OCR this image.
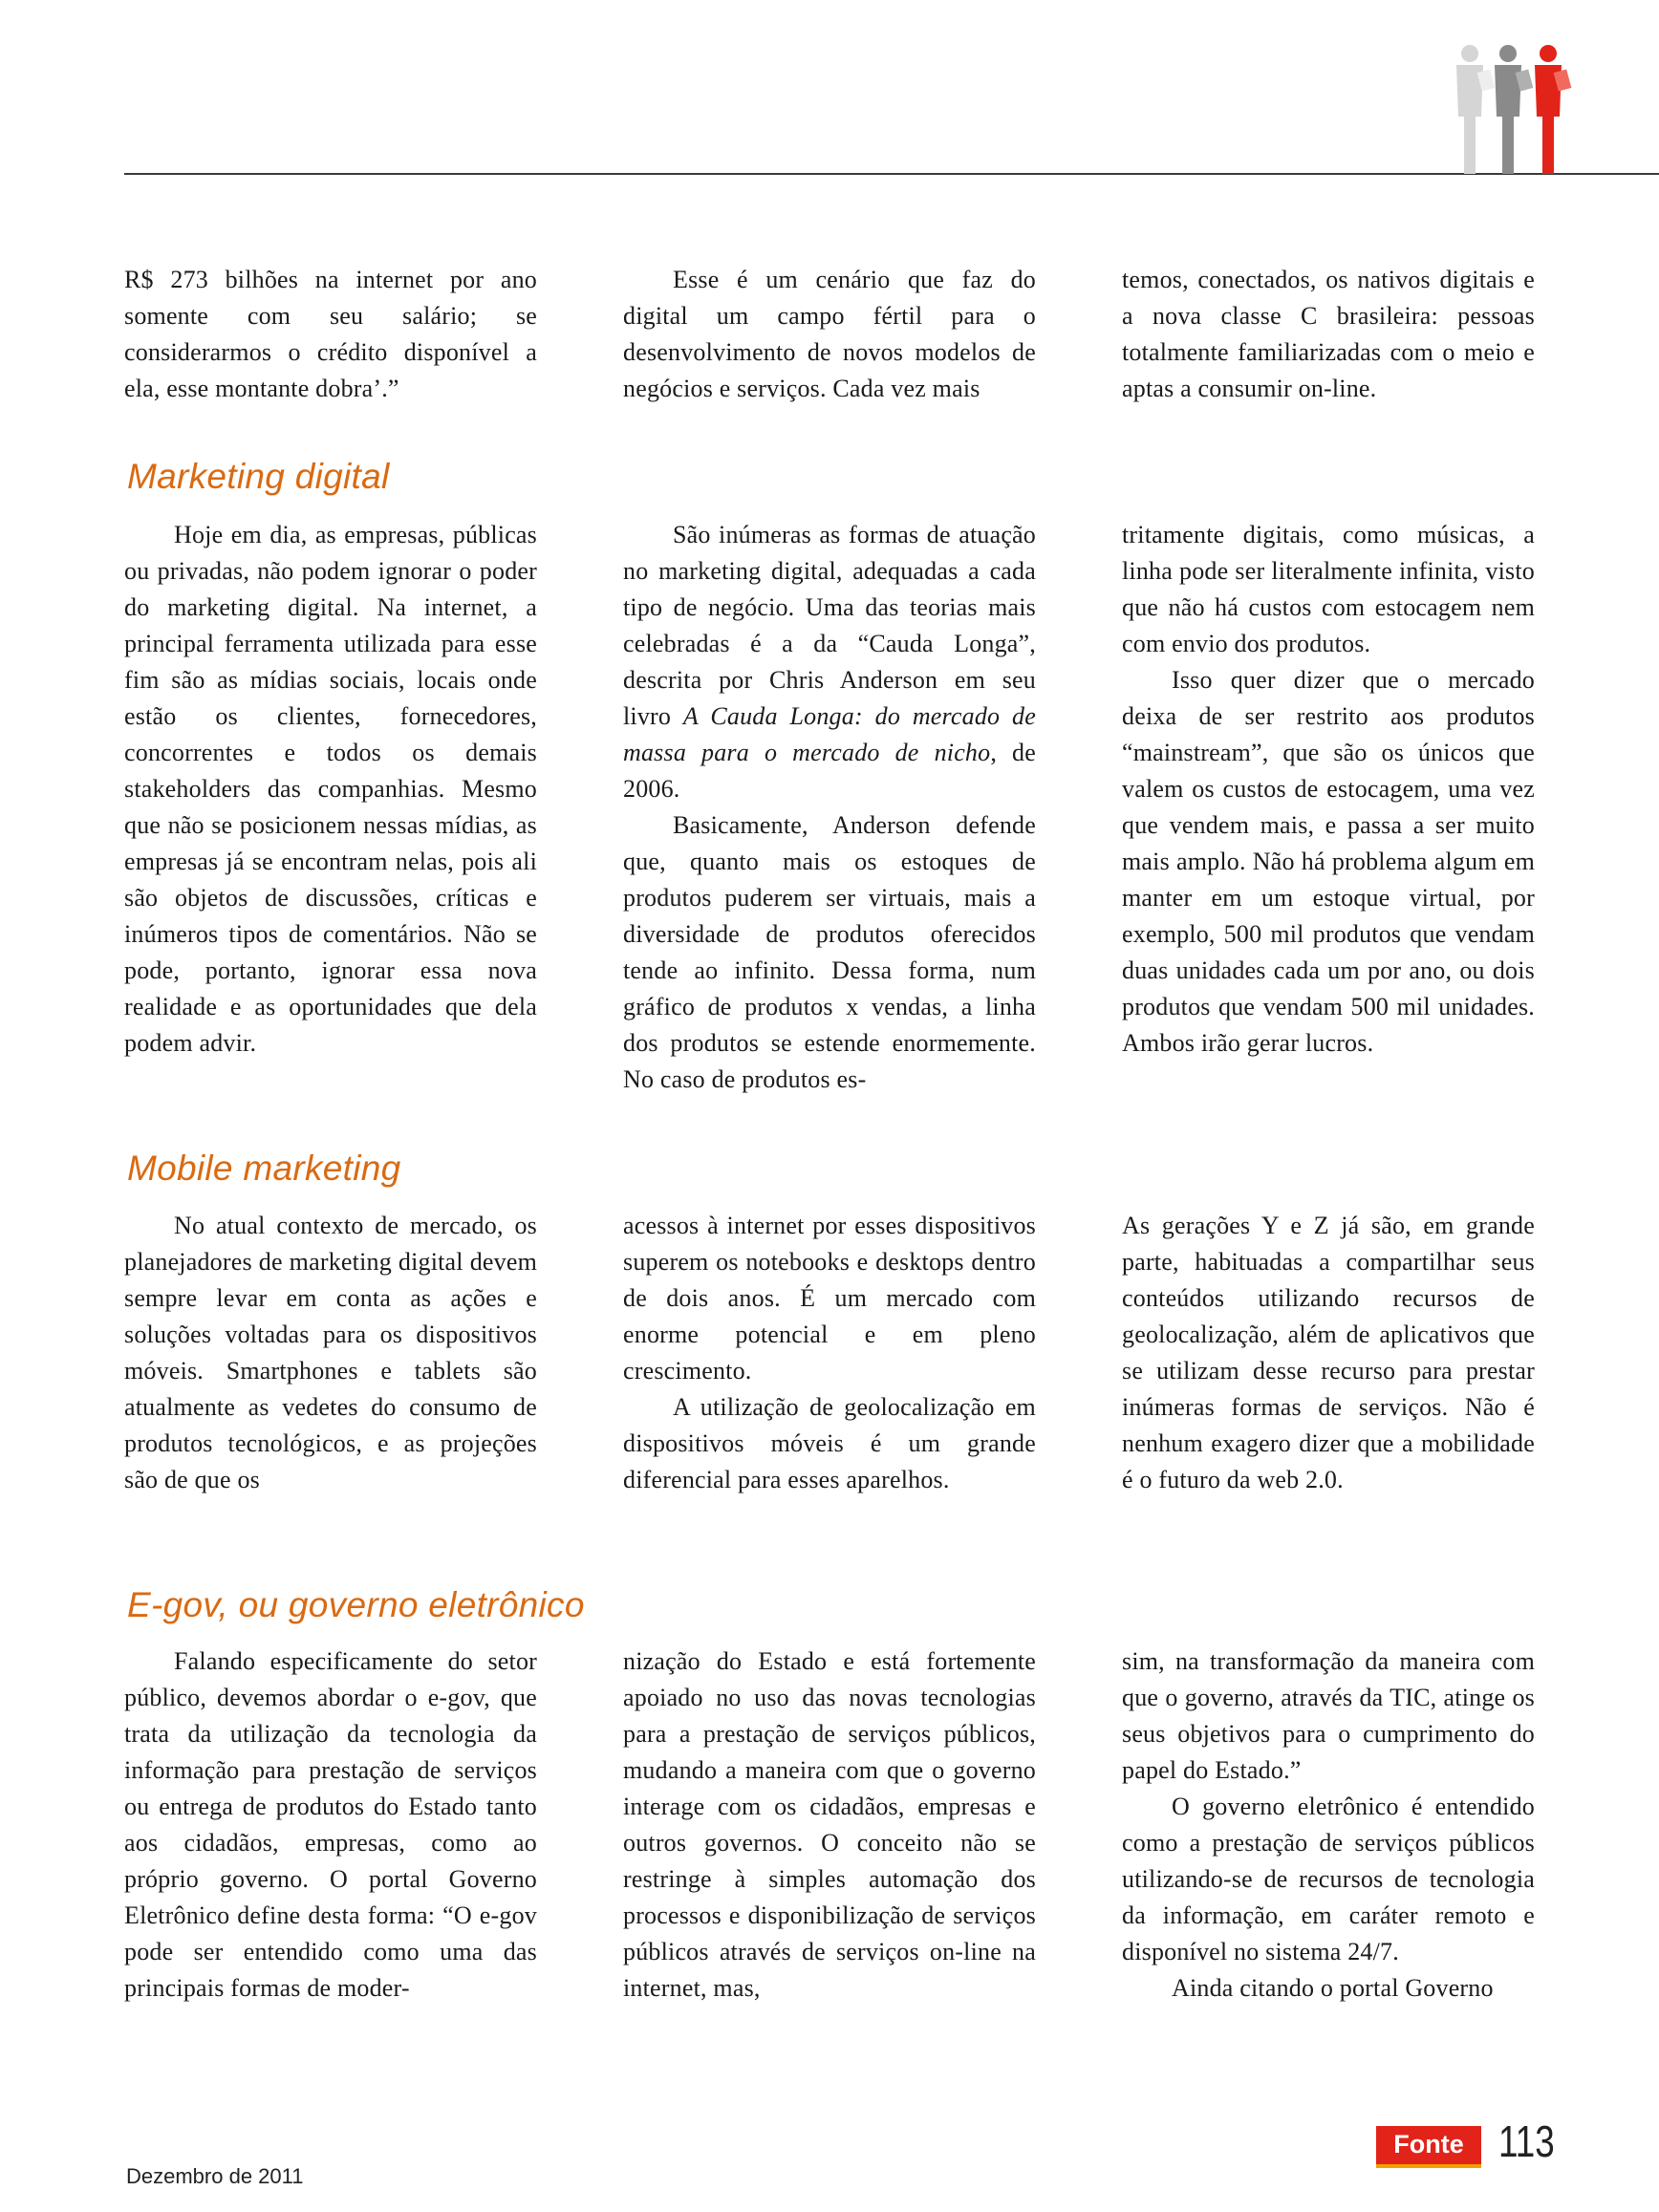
R$ 273 bilhões na internet por ano somente com seu salário; se considerarmos o crédito disponível a ela, esse montante dobra’.”

Esse é um cenário que faz do digital um campo fértil para o desenvolvimento de novos modelos de negócios e serviços. Cada vez mais

temos, conectados, os nativos digitais e a nova classe C brasileira: pessoas totalmente familiarizadas com o meio e aptas a consumir on-line.

Marketing digital

Hoje em dia, as empresas, públicas ou privadas, não podem ignorar o poder do marketing digital. Na internet, a principal ferramenta utilizada para esse fim são as mídias sociais, locais onde estão os clientes, fornecedores, concorrentes e todos os demais stakeholders das companhias. Mesmo que não se posicionem nessas mídias, as empresas já se encontram nelas, pois ali são objetos de discussões, críticas e inúmeros tipos de comentários. Não se pode, portanto, ignorar essa nova realidade e as oportunidades que dela podem advir.

São inúmeras as formas de atuação no marketing digital, adequadas a cada tipo de negócio. Uma das teorias mais celebradas é a da “Cauda Longa”, descrita por Chris Anderson em seu livro A Cauda Longa: do mercado de massa para o mercado de nicho, de 2006.

Basicamente, Anderson defende que, quanto mais os estoques de produtos puderem ser virtuais, mais a diversidade de produtos oferecidos tende ao infinito. Dessa forma, num gráfico de produtos x vendas, a linha dos produtos se estende enormemente. No caso de produtos es-

tritamente digitais, como músicas, a linha pode ser literalmente infinita, visto que não há custos com estocagem nem com envio dos produtos.

Isso quer dizer que o mercado deixa de ser restrito aos produtos “mainstream”, que são os únicos que valem os custos de estocagem, uma vez que vendem mais, e passa a ser muito mais amplo. Não há problema algum em manter em um estoque virtual, por exemplo, 500 mil produtos que vendam duas unidades cada um por ano, ou dois produtos que vendam 500 mil unidades. Ambos irão gerar lucros.

Mobile marketing

No atual contexto de mercado, os planejadores de marketing digital devem sempre levar em conta as ações e soluções voltadas para os dispositivos móveis. Smartphones e tablets são atualmente as vedetes do consumo de produtos tecnológicos, e as projeções são de que os

acessos à internet por esses dispositivos superem os notebooks e desktops dentro de dois anos. É um mercado com enorme potencial e em pleno crescimento.

A utilização de geolocalização em dispositivos móveis é um grande diferencial para esses aparelhos.

As gerações Y e Z já são, em grande parte, habituadas a compartilhar seus conteúdos utilizando recursos de geolocalização, além de aplicativos que se utilizam desse recurso para prestar inúmeras formas de serviços. Não é nenhum exagero dizer que a mobilidade é o futuro da web 2.0.

E-gov, ou governo eletrônico

Falando especificamente do setor público, devemos abordar o e-gov, que trata da utilização da tecnologia da informação para prestação de serviços ou entrega de produtos do Estado tanto aos cidadãos, empresas, como ao próprio governo. O portal Governo Eletrônico define desta forma: “O e-gov pode ser entendido como uma das principais formas de moder-

nização do Estado e está fortemente apoiado no uso das novas tecnologias para a prestação de serviços públicos, mudando a maneira com que o governo interage com os cidadãos, empresas e outros governos. O conceito não se restringe à simples automação dos processos e disponibilização de serviços públicos através de serviços on-line na internet, mas,

sim, na transformação da maneira com que o governo, através da TIC, atinge os seus objetivos para o cumprimento do papel do Estado.”

O governo eletrônico é entendido como a prestação de serviços públicos utilizando-se de recursos de tecnologia da informação, em caráter remoto e disponível no sistema 24/7.

Ainda citando o portal Governo

Dezembro de 2011
Fonte 113
